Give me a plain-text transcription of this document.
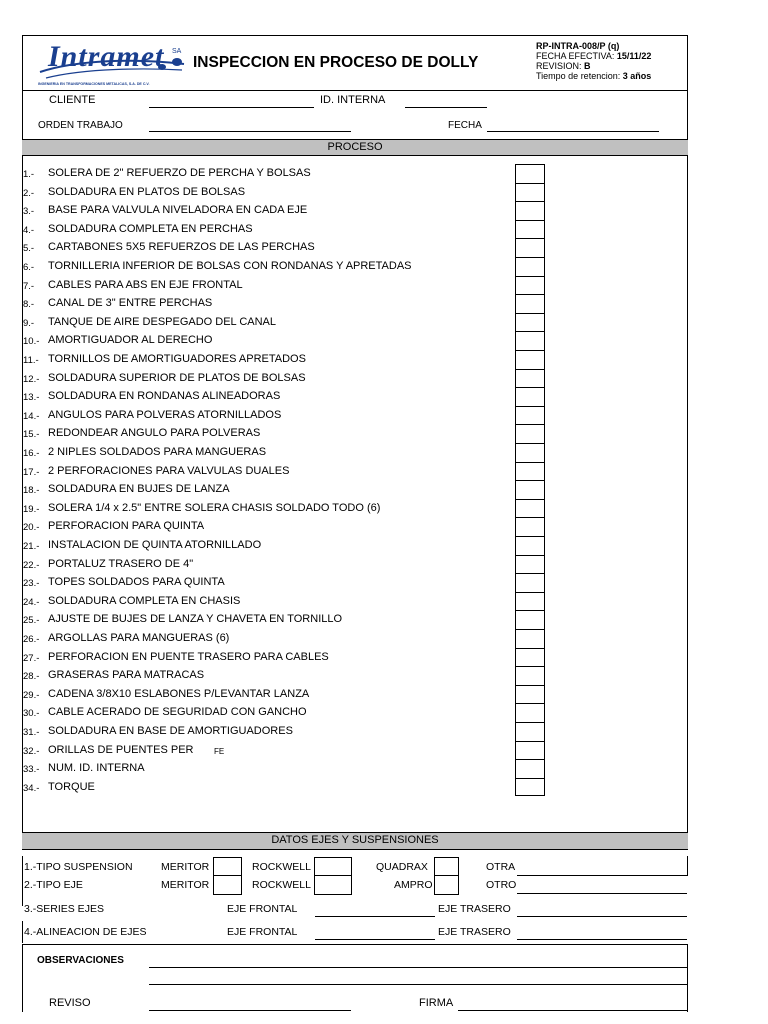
Intramet SA
INGENIERIA EN TRANSFORMACIONES METALICAS, S.A. DE C.V.
INSPECCION EN PROCESO DE DOLLY
RP-INTRA-008/P (q)
FECHA EFECTIVA: 15/11/22
REVISION: B
Tiempo de retencion: 3 años
CLIENTE	ID. INTERNA
ORDEN TRABAJO	FECHA
PROCESO
1.- SOLERA DE 2" REFUERZO DE PERCHA Y BOLSAS
2.- SOLDADURA EN PLATOS DE BOLSAS
3.- BASE PARA VALVULA NIVELADORA EN CADA EJE
4.- SOLDADURA COMPLETA EN PERCHAS
5.- CARTABONES 5X5 REFUERZOS DE LAS PERCHAS
6.- TORNILLERIA INFERIOR DE BOLSAS CON RONDANAS Y APRETADAS
7.- CABLES PARA ABS EN EJE FRONTAL
8.- CANAL DE 3" ENTRE PERCHAS
9.- TANQUE DE AIRE DESPEGADO DEL CANAL
10.- AMORTIGUADOR AL DERECHO
11.- TORNILLOS DE AMORTIGUADORES APRETADOS
12.- SOLDADURA SUPERIOR DE PLATOS DE BOLSAS
13.- SOLDADURA EN RONDANAS ALINEADORAS
14.- ANGULOS PARA POLVERAS ATORNILLADOS
15.- REDONDEAR ANGULO PARA POLVERAS
16.- 2 NIPLES SOLDADOS PARA MANGUERAS
17.- 2 PERFORACIONES PARA VALVULAS DUALES
18.- SOLDADURA EN BUJES DE LANZA
19.- SOLERA 1/4 x 2.5" ENTRE SOLERA CHASIS SOLDADO TODO (6)
20.- PERFORACION PARA QUINTA
21.- INSTALACION DE QUINTA ATORNILLADO
22.- PORTALUZ TRASERO DE 4"
23.- TOPES SOLDADOS PARA QUINTA
24.- SOLDADURA COMPLETA EN CHASIS
25.- AJUSTE DE BUJES DE LANZA Y CHAVETA EN TORNILLO
26.- ARGOLLAS PARA MANGUERAS (6)
27.- PERFORACION EN PUENTE TRASERO PARA CABLES
28.- GRASERAS PARA MATRACAS
29.- CADENA 3/8X10 ESLABONES P/LEVANTAR LANZA
30.- CABLE ACERADO DE SEGURIDAD CON GANCHO
31.- SOLDADURA EN BASE DE AMORTIGUADORES
32.- ORILLAS DE PUENTES PER	FE
33.- NUM. ID. INTERNA
34.- TORQUE
DATOS EJES Y SUSPENSIONES
1.-TIPO SUSPENSION	MERITOR	ROCKWELL	QUADRAX	OTRA
2.-TIPO EJE	MERITOR	ROCKWELL	AMPRO	OTRO
3.-SERIES EJES	EJE FRONTAL	EJE TRASERO
4.-ALINEACION DE EJES	EJE FRONTAL	EJE TRASERO
OBSERVACIONES
REVISO	FIRMA
